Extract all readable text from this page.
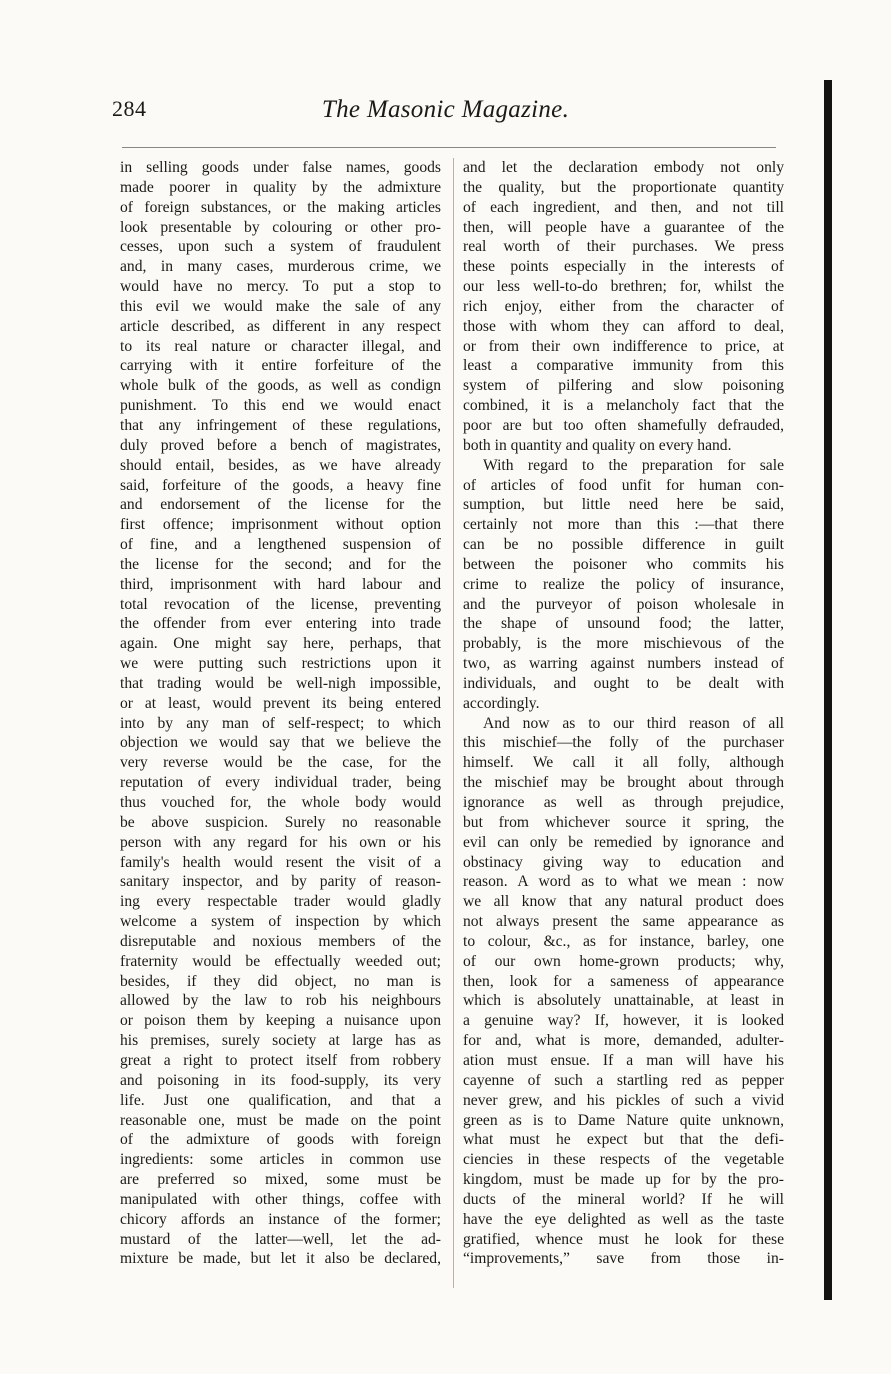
284	The Masonic Magazine.
in selling goods under false names, goods
made poorer in quality by the admixture
of foreign substances, or the making articles
look presentable by colouring or other pro-
cesses, upon such a system of fraudulent
and, in many cases, murderous crime, we
would have no mercy. To put a stop to
this evil we would make the sale of any
article described, as different in any respect
to its real nature or character illegal, and
carrying with it entire forfeiture of the
whole bulk of the goods, as well as condign
punishment. To this end we would enact
that any infringement of these regulations,
duly proved before a bench of magistrates,
should entail, besides, as we have already
said, forfeiture of the goods, a heavy fine
and endorsement of the license for the
first offence; imprisonment without option
of fine, and a lengthened suspension of
the license for the second; and for the
third, imprisonment with hard labour and
total revocation of the license, preventing
the offender from ever entering into trade
again. One might say here, perhaps, that
we were putting such restrictions upon it
that trading would be well-nigh impossible,
or at least, would prevent its being entered
into by any man of self-respect; to which
objection we would say that we believe the
very reverse would be the case, for the
reputation of every individual trader, being
thus vouched for, the whole body would
be above suspicion. Surely no reasonable
person with any regard for his own or his
family's health would resent the visit of a
sanitary inspector, and by parity of reason-
ing every respectable trader would gladly
welcome a system of inspection by which
disreputable and noxious members of the
fraternity would be effectually weeded out;
besides, if they did object, no man is
allowed by the law to rob his neighbours
or poison them by keeping a nuisance upon
his premises, surely society at large has as
great a right to protect itself from robbery
and poisoning in its food-supply, its very
life. Just one qualification, and that a
reasonable one, must be made on the point
of the admixture of goods with foreign
ingredients: some articles in common use
are preferred so mixed, some must be
manipulated with other things, coffee with
chicory affords an instance of the former;
mustard of the latter—well, let the ad-
mixture be made, but let it also be declared,
and let the declaration embody not only
the quality, but the proportionate quantity
of each ingredient, and then, and not till
then, will people have a guarantee of the
real worth of their purchases. We press
these points especially in the interests of
our less well-to-do brethren; for, whilst the
rich enjoy, either from the character of
those with whom they can afford to deal,
or from their own indifference to price, at
least a comparative immunity from this
system of pilfering and slow poisoning
combined, it is a melancholy fact that the
poor are but too often shamefully defrauded,
both in quantity and quality on every hand.
With regard to the preparation for sale
of articles of food unfit for human con-
sumption, but little need here be said,
certainly not more than this :—that there
can be no possible difference in guilt
between the poisoner who commits his
crime to realize the policy of insurance,
and the purveyor of poison wholesale in
the shape of unsound food; the latter,
probably, is the more mischievous of the
two, as warring against numbers instead of
individuals, and ought to be dealt with
accordingly.
And now as to our third reason of all
this mischief—the folly of the purchaser
himself. We call it all folly, although
the mischief may be brought about through
ignorance as well as through prejudice,
but from whichever source it spring, the
evil can only be remedied by ignorance and
obstinacy giving way to education and
reason. A word as to what we mean : now
we all know that any natural product does
not always present the same appearance as
to colour, &c., as for instance, barley, one
of our own home-grown products; why,
then, look for a sameness of appearance
which is absolutely unattainable, at least in
a genuine way? If, however, it is looked
for and, what is more, demanded, adulter-
ation must ensue. If a man will have his
cayenne of such a startling red as pepper
never grew, and his pickles of such a vivid
green as is to Dame Nature quite unknown,
what must he expect but that the defi-
ciencies in these respects of the vegetable
kingdom, must be made up for by the pro-
ducts of the mineral world? If he will
have the eye delighted as well as the taste
gratified, whence must he look for these
“improvements,” save from those in-
